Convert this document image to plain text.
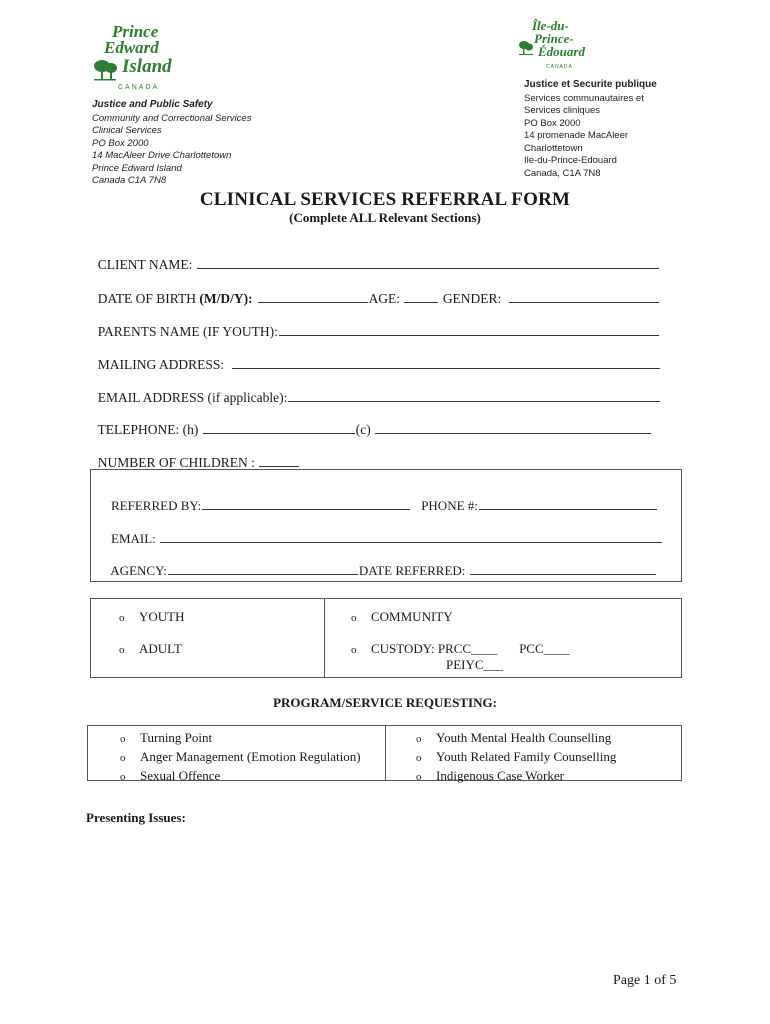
Prince
Edward
Island
CANADA
Île-du-
Prince-
Édouard
CANADA
Justice and Public Safety
Community and Correctional Services
Clinical Services
PO Box 2000
14 MacAleer Drive Charlottetown
Prince Edward Island
Canada C1A 7N8
Justice et Securite publique
Services communautaires et
Services cliniques
PO Box 2000
14 promenade MacAleer
Charlottetown
Ile-du-Prince-Edouard
Canada, C1A 7N8
CLINICAL SERVICES REFERRAL FORM
(Complete ALL Relevant Sections)

CLIENT NAME:

DATE OF BIRTH (M/D/Y):	AGE:	GENDER:

PARENTS NAME (IF YOUTH):

MAILING ADDRESS:

EMAIL ADDRESS (if applicable):

TELEPHONE: (h)	(c)

NUMBER OF CHILDREN :

REFERRED BY:	PHONE #:

EMAIL:

AGENCY:	DATE REFERRED:

o YOUTH
o ADULT
o COMMUNITY
o CUSTODY: PRCC____ PCC____
PEIYC___
PROGRAM/SERVICE REQUESTING:
o Turning Point
o Anger Management (Emotion Regulation)
o Sexual Offence
o Youth Mental Health Counselling
o Youth Related Family Counselling
o Indigenous Case Worker
Presenting Issues:
Page 1 of 5
